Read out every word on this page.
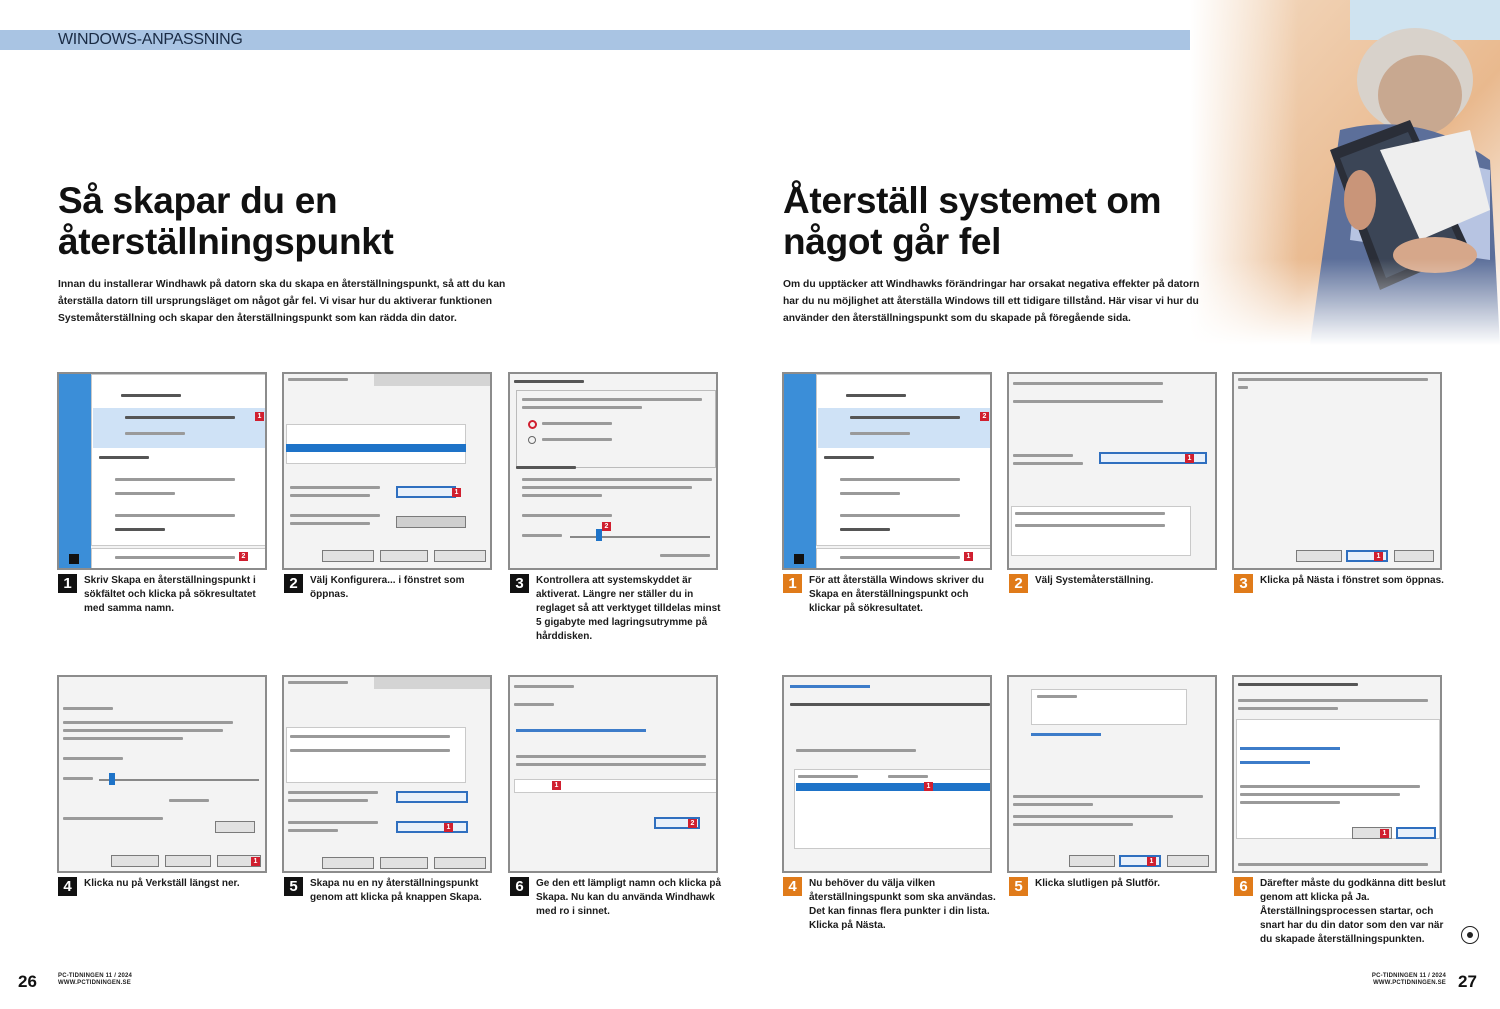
WINDOWS-ANPASSNING
Så skapar du en återställningspunkt

Innan du installerar Windhawk på datorn ska du skapa en återställningspunkt, så att du kan återställa datorn till ursprungsläget om något går fel. Vi visar hur du aktiverar funktionen Systemåterställning och skapar den återställningspunkt som kan rädda din dator.

1
2
1
2
1	Skriv Skapa en återställningspunkt i sökfältet och klicka på sökresultatet med samma namn.
2	Välj Konfigurera... i fönstret som öppnas.
3	Kontrollera att systemskyddet är aktiverat. Längre ner ställer du in reglaget så att verktyget tilldelas minst 5 gigabyte med lagringsutrymme på hårddisken.
1
1
1
2
4	Klicka nu på Verkställ längst ner.	5	Skapa nu en ny återställningspunkt genom att klicka på knappen Skapa.
6	Ge den ett lämpligt namn och klicka på Skapa. Nu kan du använda Windhawk med ro i sinnet.
Återställ systemet om något går fel

Om du upptäcker att Windhawks förändringar har orsakat negativa effekter på datorn har du nu möjlighet att återställa Windows till ett tidigare tillstånd. Här visar vi hur du använder den återställningspunkt som du skapade på föregående sida.

2
1
1
1
1	För att återställa Windows skriver du Skapa en återställningspunkt och klickar på sökresultatet.
2	Välj Systemåterställning.	3	Klicka på Nästa i fönstret som öppnas.
1
1
1
4	Nu behöver du välja vilken återställningspunkt som ska användas. Det kan finnas flera punkter i din lista. Klicka på Nästa.
5	Klicka slutligen på Slutför.	6	Därefter måste du godkänna ditt beslut genom att klicka på Ja. Återställningsprocessen startar, och snart har du din dator som den var när du skapade återställningspunkten.
26	PC-TIDNINGEN 11 / 2024 WWW.PCTIDNINGEN.SE
PC-TIDNINGEN 11 / 2024 WWW.PCTIDNINGEN.SE 27
